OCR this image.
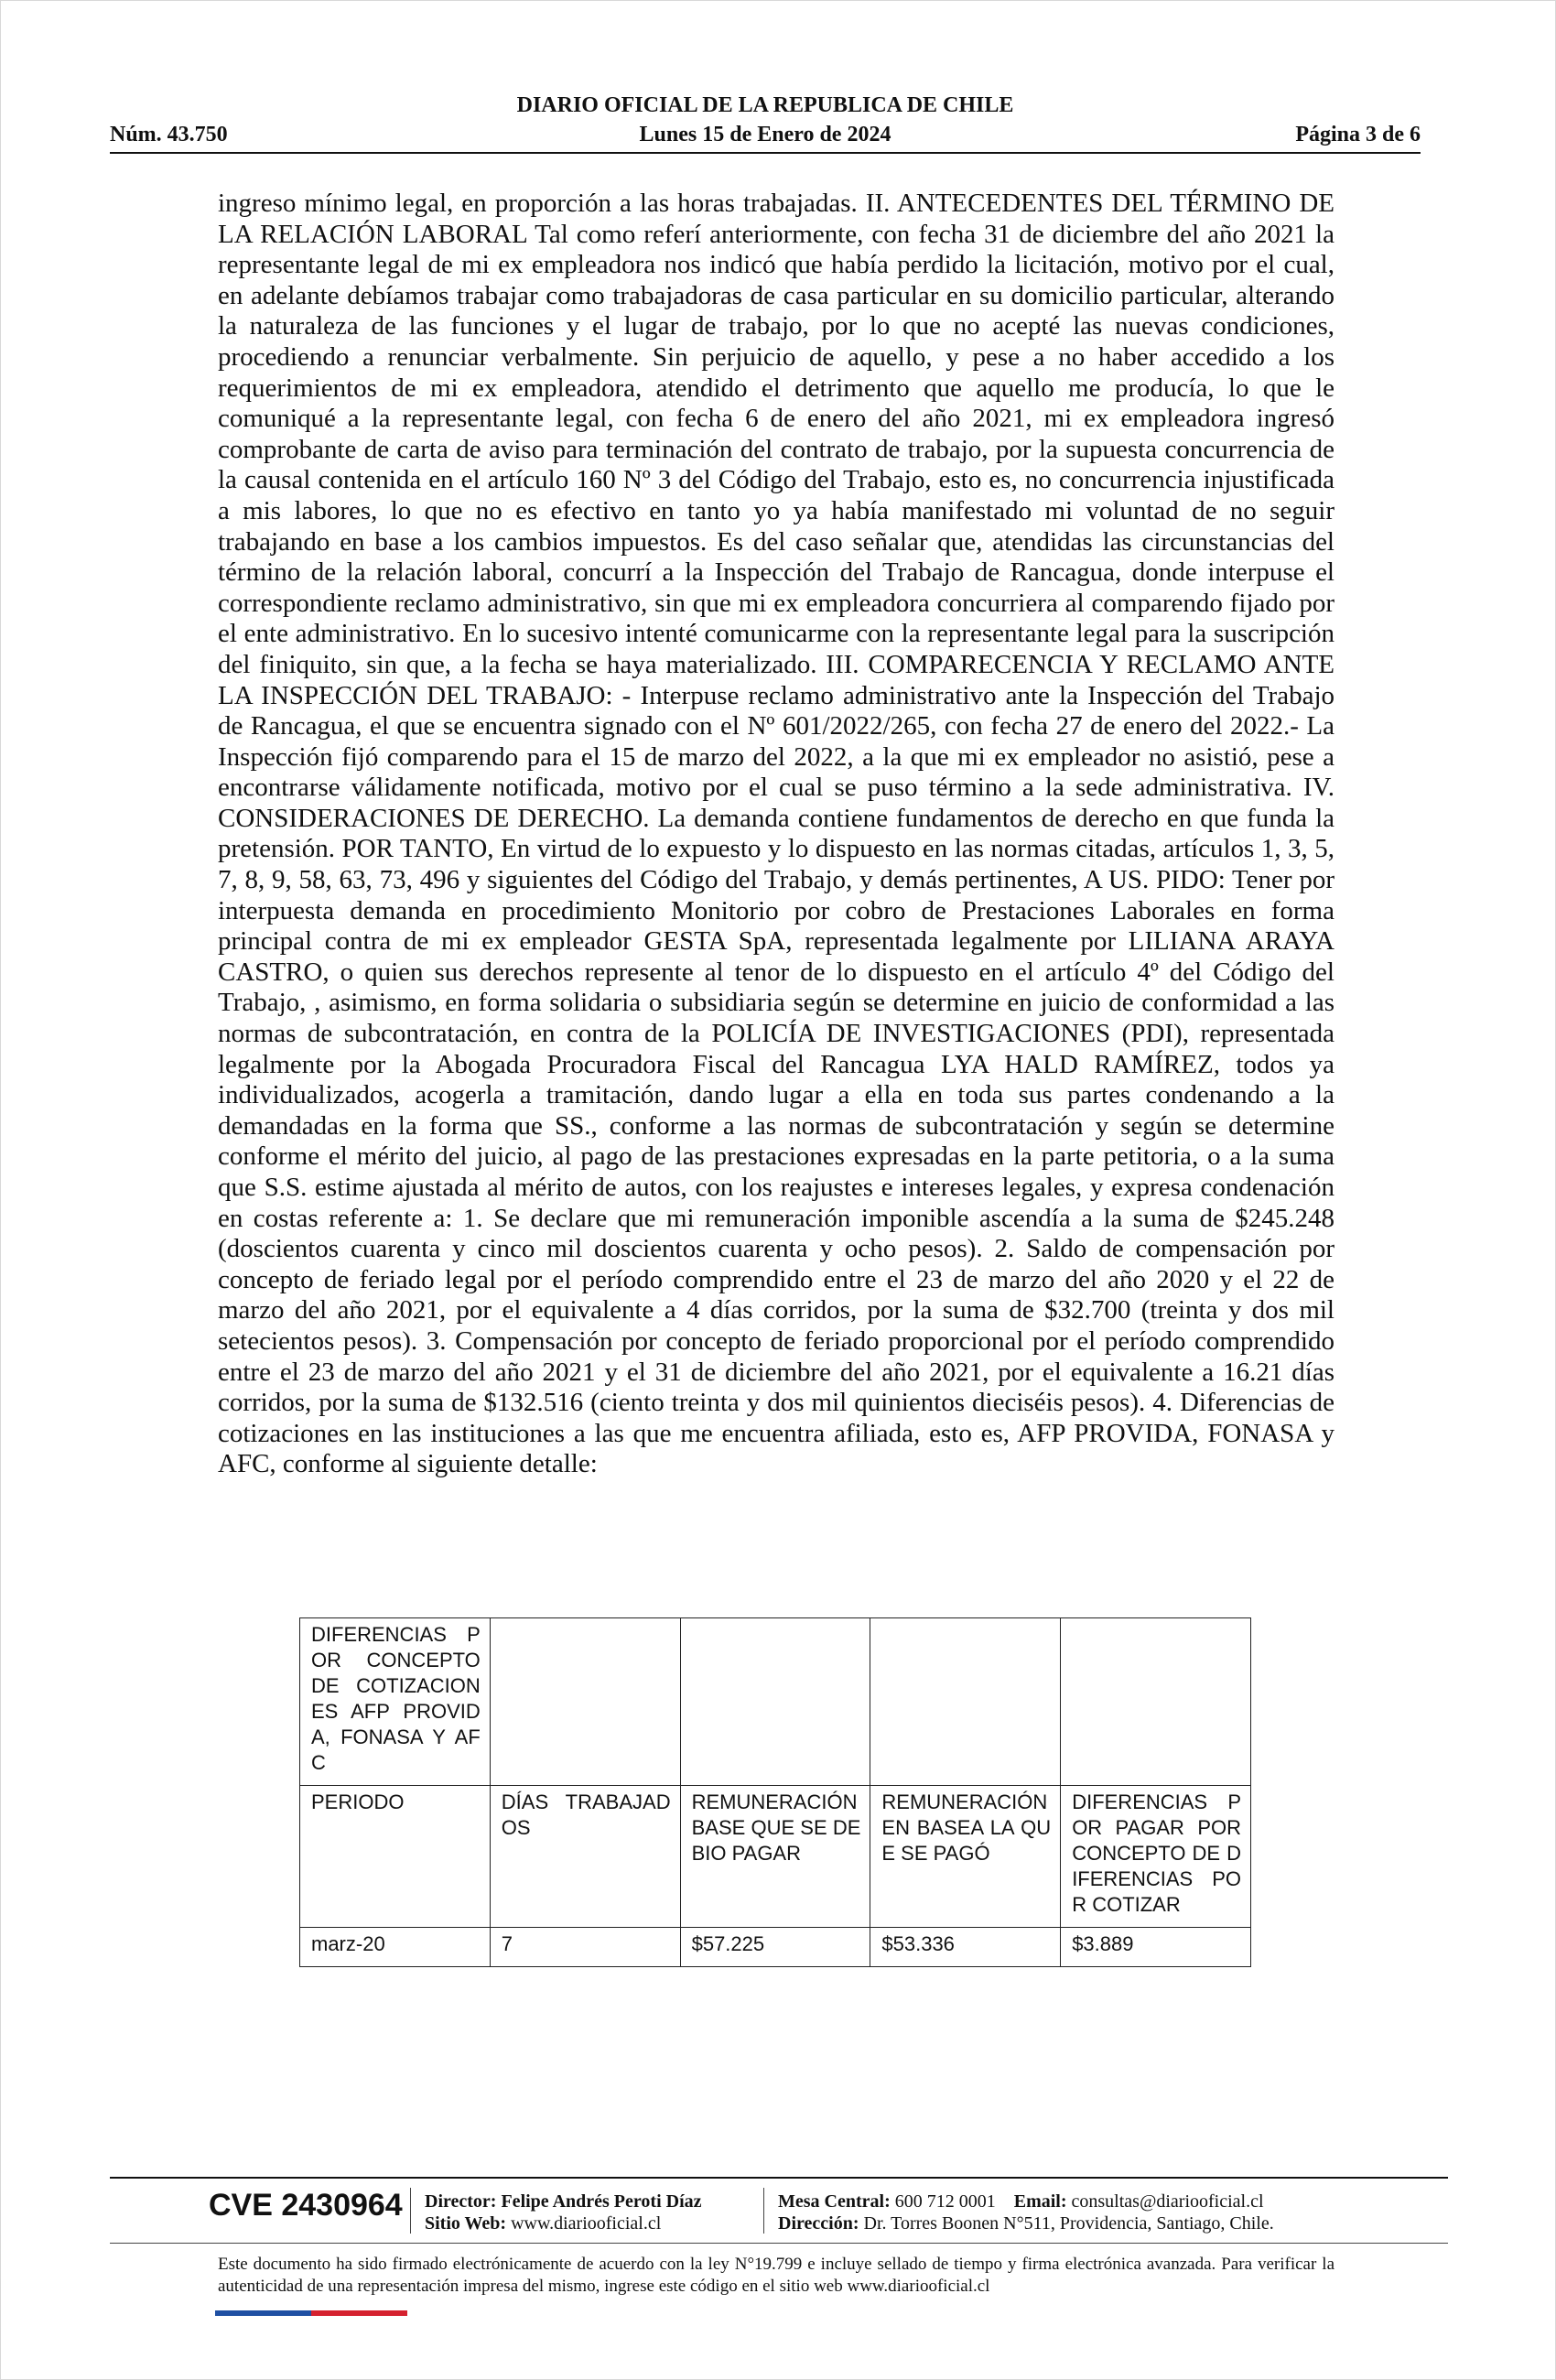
DIARIO OFICIAL DE LA REPUBLICA DE CHILE
Núm. 43.750	Lunes 15 de Enero de 2024	Página 3 de 6

ingreso mínimo legal, en proporción a las horas trabajadas. II. ANTECEDENTES DEL TÉRMINO DE LA RELACIÓN LABORAL Tal como referí anteriormente, con fecha 31 de diciembre del año 2021 la representante legal de mi ex empleadora nos indicó que había perdido la licitación, motivo por el cual, en adelante debíamos trabajar como trabajadoras de casa particular en su domicilio particular, alterando la naturaleza de las funciones y el lugar de trabajo, por lo que no acepté las nuevas condiciones, procediendo a renunciar verbalmente. Sin perjuicio de aquello, y pese a no haber accedido a los requerimientos de mi ex empleadora, atendido el detrimento que aquello me producía, lo que le comuniqué a la representante legal, con fecha 6 de enero del año 2021, mi ex empleadora ingresó comprobante de carta de aviso para terminación del contrato de trabajo, por la supuesta concurrencia de la causal contenida en el artículo 160 Nº 3 del Código del Trabajo, esto es, no concurrencia injustificada a mis labores, lo que no es efectivo en tanto yo ya había manifestado mi voluntad de no seguir trabajando en base a los cambios impuestos. Es del caso señalar que, atendidas las circunstancias del término de la relación laboral, concurrí a la Inspección del Trabajo de Rancagua, donde interpuse el correspondiente reclamo administrativo, sin que mi ex empleadora concurriera al comparendo fijado por el ente administrativo. En lo sucesivo intenté comunicarme con la representante legal para la suscripción del finiquito, sin que, a la fecha se haya materializado. III. COMPARECENCIA Y RECLAMO ANTE LA INSPECCIÓN DEL TRABAJO: - Interpuse reclamo administrativo ante la Inspección del Trabajo de Rancagua, el que se encuentra signado con el Nº 601/2022/265, con fecha 27 de enero del 2022.- La Inspección fijó comparendo para el 15 de marzo del 2022, a la que mi ex empleador no asistió, pese a encontrarse válidamente notificada, motivo por el cual se puso término a la sede administrativa. IV. CONSIDERACIONES DE DERECHO. La demanda contiene fundamentos de derecho en que funda la pretensión. POR TANTO, En virtud de lo expuesto y lo dispuesto en las normas citadas, artículos 1, 3, 5, 7, 8, 9, 58, 63, 73, 496 y siguientes del Código del Trabajo, y demás pertinentes, A US. PIDO: Tener por interpuesta demanda en procedimiento Monitorio por cobro de Prestaciones Laborales en forma principal contra de mi ex empleador GESTA SpA, representada legalmente por LILIANA ARAYA CASTRO, o quien sus derechos represente al tenor de lo dispuesto en el artículo 4º del Código del Trabajo, , asimismo, en forma solidaria o subsidiaria según se determine en juicio de conformidad a las normas de subcontratación, en contra de la POLICÍA DE INVESTIGACIONES (PDI), representada legalmente por la Abogada Procuradora Fiscal del Rancagua LYA HALD RAMÍREZ, todos ya individualizados, acogerla a tramitación, dando lugar a ella en toda sus partes condenando a la demandadas en la forma que SS., conforme a las normas de subcontratación y según se determine conforme el mérito del juicio, al pago de las prestaciones expresadas en la parte petitoria, o a la suma que S.S. estime ajustada al mérito de autos, con los reajustes e intereses legales, y expresa condenación en costas referente a: 1. Se declare que mi remuneración imponible ascendía a la suma de $245.248 (doscientos cuarenta y cinco mil doscientos cuarenta y ocho pesos). 2. Saldo de compensación por concepto de feriado legal por el período comprendido entre el 23 de marzo del año 2020 y el 22 de marzo del año 2021, por el equivalente a 4 días corridos, por la suma de $32.700 (treinta y dos mil setecientos pesos). 3. Compensación por concepto de feriado proporcional por el período comprendido entre el 23 de marzo del año 2021 y el 31 de diciembre del año 2021, por el equivalente a 16.21 días corridos, por la suma de $132.516 (ciento treinta y dos mil quinientos dieciséis pesos). 4. Diferencias de cotizaciones en las instituciones a las que me encuentra afiliada, esto es, AFP PROVIDA, FONASA y AFC, conforme al siguiente detalle:

DIFERENCIAS POR CONCEPTO DE COTIZACIONES AFP PROVIDA, FONASA Y AFC				
PERIODO	DÍAS TRABAJADOS	REMUNERACIÓN BASE QUE SE DEBIO PAGAR	REMUNERACIÓN EN BASEA LA QUE SE PAGÓ	DIFERENCIAS POR PAGAR POR CONCEPTO DE DIFERENCIAS POR COTIZAR
marz-20	7	$57.225	$53.336	$3.889
CVE 2430964 Director: Felipe Andrés Peroti Díaz
Sitio Web: www.diariooficial.cl
Mesa Central: 600 712 0001 Email: consultas@diariooficial.cl
Dirección: Dr. Torres Boonen N°511, Providencia, Santiago, Chile.
Este documento ha sido firmado electrónicamente de acuerdo con la ley N°19.799 e incluye sellado de tiempo y firma electrónica avanzada. Para verificar la autenticidad de una representación impresa del mismo, ingrese este código en el sitio web www.diariooficial.cl
